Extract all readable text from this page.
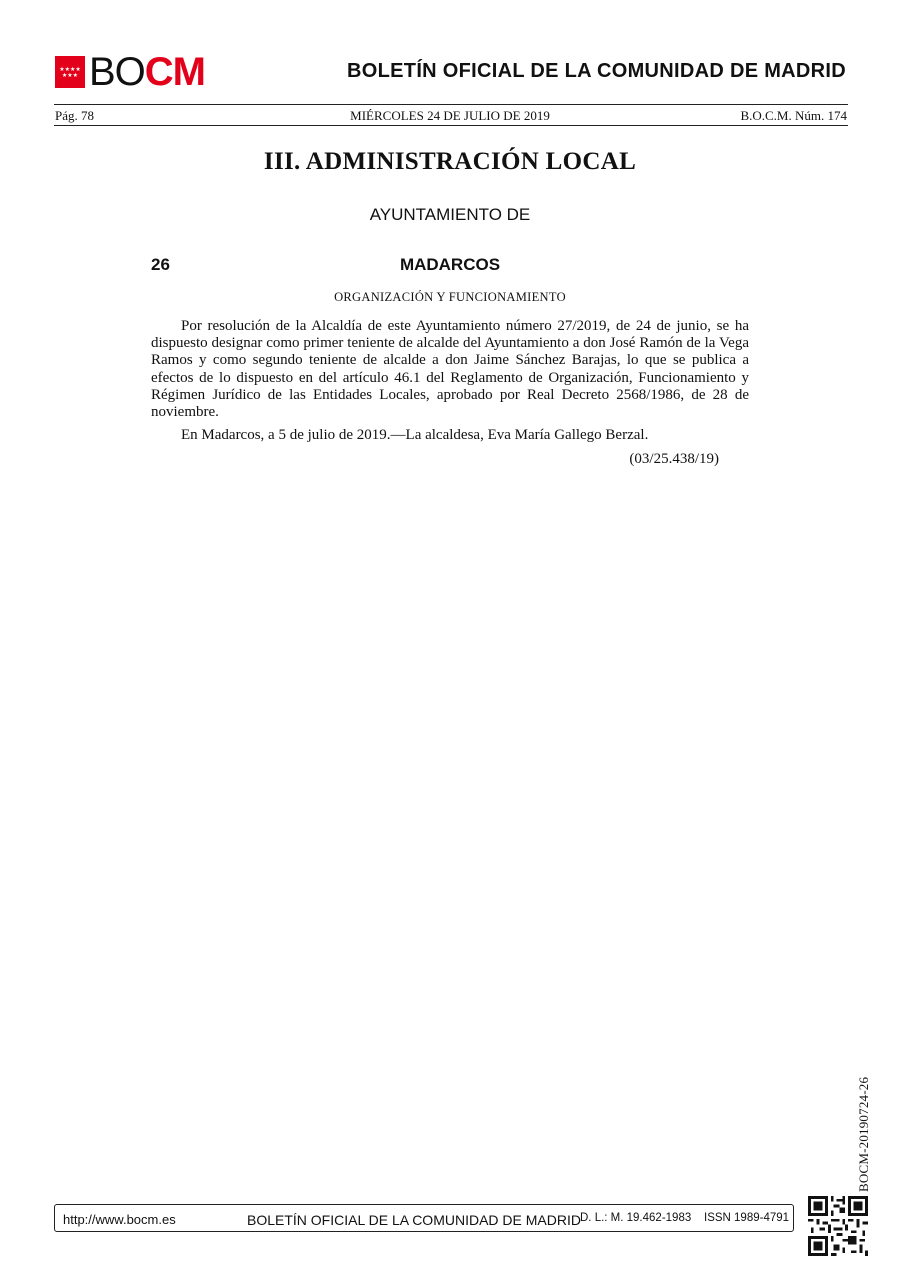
★★★★
★★★ BOCM	BOLETÍN OFICIAL DE LA COMUNIDAD DE MADRID
Pág. 78	MIÉRCOLES 24 DE JULIO DE 2019	B.O.C.M. Núm. 174
III. ADMINISTRACIÓN LOCAL
AYUNTAMIENTO DE
26	MADARCOS
ORGANIZACIÓN Y FUNCIONAMIENTO

Por resolución de la Alcaldía de este Ayuntamiento número 27/2019, de 24 de junio, se ha dispuesto designar como primer teniente de alcalde del Ayuntamiento a don José Ramón de la Vega Ramos y como segundo teniente de alcalde a don Jaime Sánchez Barajas, lo que se publica a efectos de lo dispuesto en del artículo 46.1 del Reglamento de Organización, Funcionamiento y Régimen Jurídico de las Entidades Locales, aprobado por Real Decreto 2568/1986, de 28 de noviembre.

En Madarcos, a 5 de julio de 2019.—La alcaldesa, Eva María Gallego Berzal.
(03/25.438/19)
BOCM-20190724-26
http://www.bocm.es	BOLETÍN OFICIAL DE LA COMUNIDAD DE MADRID D. L.: M. 19.462-1983 ISSN 1989-4791
